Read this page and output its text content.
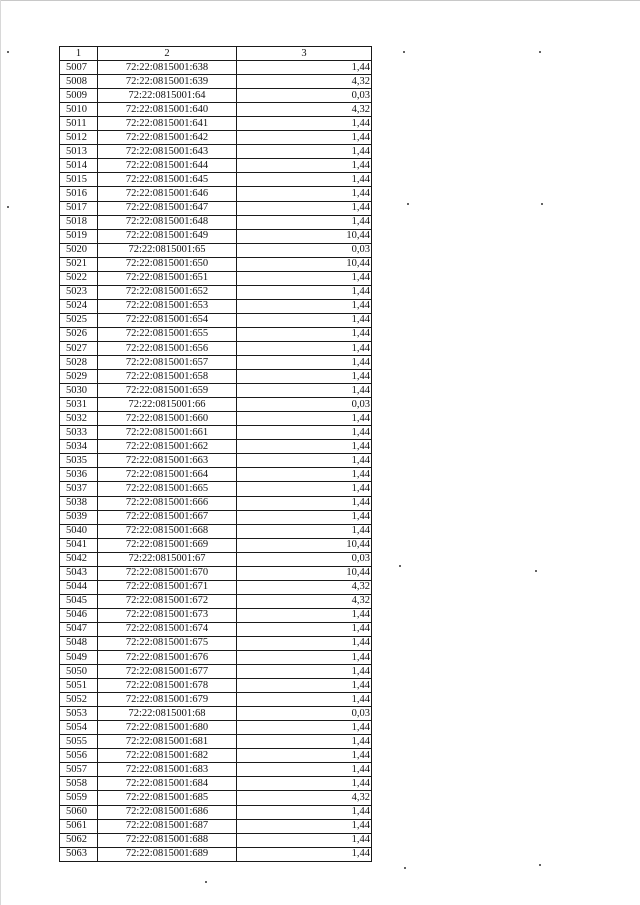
1	2	3
5007	72:22:0815001:638	1,44
5008	72:22:0815001:639	4,32
5009	72:22:0815001:64	0,03
5010	72:22:0815001:640	4,32
5011	72:22:0815001:641	1,44
5012	72:22:0815001:642	1,44
5013	72:22:0815001:643	1,44
5014	72:22:0815001:644	1,44
5015	72:22:0815001:645	1,44
5016	72:22:0815001:646	1,44
5017	72:22:0815001:647	1,44
5018	72:22:0815001:648	1,44
5019	72:22:0815001:649	10,44
5020	72:22:0815001:65	0,03
5021	72:22:0815001:650	10,44
5022	72:22:0815001:651	1,44
5023	72:22:0815001:652	1,44
5024	72:22:0815001:653	1,44
5025	72:22:0815001:654	1,44
5026	72:22:0815001:655	1,44
5027	72:22:0815001:656	1,44
5028	72:22:0815001:657	1,44
5029	72:22:0815001:658	1,44
5030	72:22:0815001:659	1,44
5031	72:22:0815001:66	0,03
5032	72:22:0815001:660	1,44
5033	72:22:0815001:661	1,44
5034	72:22:0815001:662	1,44
5035	72:22:0815001:663	1,44
5036	72:22:0815001:664	1,44
5037	72:22:0815001:665	1,44
5038	72:22:0815001:666	1,44
5039	72:22:0815001:667	1,44
5040	72:22:0815001:668	1,44
5041	72:22:0815001:669	10,44
5042	72:22:0815001:67	0,03
5043	72:22:0815001:670	10,44
5044	72:22:0815001:671	4,32
5045	72:22:0815001:672	4,32
5046	72:22:0815001:673	1,44
5047	72:22:0815001:674	1,44
5048	72:22:0815001:675	1,44
5049	72:22:0815001:676	1,44
5050	72:22:0815001:677	1,44
5051	72:22:0815001:678	1,44
5052	72:22:0815001:679	1,44
5053	72:22:0815001:68	0,03
5054	72:22:0815001:680	1,44
5055	72:22:0815001:681	1,44
5056	72:22:0815001:682	1,44
5057	72:22:0815001:683	1,44
5058	72:22:0815001:684	1,44
5059	72:22:0815001:685	4,32
5060	72:22:0815001:686	1,44
5061	72:22:0815001:687	1,44
5062	72:22:0815001:688	1,44
5063	72:22:0815001:689	1,44
